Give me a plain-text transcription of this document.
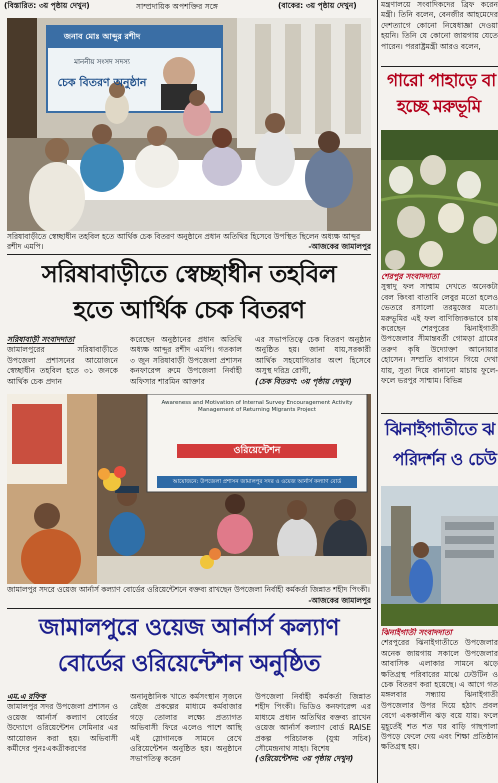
(বিস্তারিত: ৩য় পৃষ্ঠায় দেখুন)	সাম্প্রদায়িক অপশক্তির সঙ্গে	(বাকের: ৩য় পৃষ্ঠায় দেখুন)
জনাব মোঃ আব্দুর রশীদ
মাননীয় সংসদ সদস্য
চেক বিতরণ অনুষ্ঠান
সরিষাবাড়ীতে স্বেচ্ছাধীন তহবিল হতে আর্থিক চেক বিতরণ অনুষ্ঠানে প্রধান অতিথির হিসেবে উপস্থিত ছিলেন অধ্যক্ষ আব্দুর রশীদ এমপি।	-আজকের জামালপুর
সরিষাবাড়ীতে স্বেচ্ছাধীন তহবিল
হতে আর্থিক চেক বিতরণ
সরিষাবাড়ী সংবাদদাতা

জামালপুরের সরিষাবাড়ীতে উপজেলা প্রশাসনের আয়োজনে স্বেচ্ছাধীন তহবিল হতে ৩১ জনকে আর্থিক চেক প্রদান

করেছেন অনুষ্ঠানের প্রধান অতিথি অধ্যক্ষ আব্দুর রশীদ এমপি। গতকাল ৩ জুন সরিষাবাড়ী উপজেলা প্রশাসন কনফারেন্স রুমে উপজেলা নির্বাহী অফিসার শারমিন আক্তার

এর সভাপতিত্বে চেক বিতরণ অনুষ্ঠান অনুষ্ঠিত হয়। জানা যায়,সরকারী আর্থিক সহযোগিতার অংশ হিসেবে অসুস্থ দরিদ্র রোগী,

(চেক বিতরণ: ৩য় পৃষ্ঠায় দেখুন)

Awareness and Motivation of Internal Survey Encouragement Activity Management of Returning Migrants Project
ওরিয়েন্টেশন
আয়োজনে: উপজেলা প্রশাসন জামালপুর সদর ও ওয়েজ আর্নার্স কল্যাণ বোর্ড
জামালপুর সদরে ওয়েজ আর্নার্স কল্যাণ বোর্ডের ওরিয়েন্টেশনে বক্তব্য রাখছেন উপজেলা নির্বাহী কর্মকর্তা জিন্নাত শহীদ পিংকী।
-আজকের জামালপুর
জামালপুরে ওয়েজ আর্নার্স কল্যাণ
বোর্ডের ওরিয়েন্টেশন অনুষ্ঠিত
এম.এ রফিক

জামালপুর সদর উপজেলা প্রশাসন ও ওয়েজ আর্নার্স কল্যাণ বোর্ডের উদ্যোগে ওরিয়েন্টেশন সেমিনার এর আয়োজন করা হয়। অভিবাসী কর্মীদের পুনঃএকত্রীকরণের

অনানুষ্ঠানিক খাতে কর্মসংস্থান সৃজনে রেইজ প্রকল্পের মাধ্যমে কর্মবাজার গড়ে তোলার লক্ষ্যে প্রত্যাগত অভিবাসী ফিরে এলেও পাশে আছি এই স্লোগানকে সামনে রেখে ওরিয়েন্টেশন অনুষ্ঠিত হয়। অনুষ্ঠানে সভাপতিত্ব করেন

উপজেলা নির্বাহী কর্মকর্তা জিন্নাত শহীদ পিংকী। ভিডিও কনফারেন্স এর মাধ্যমে প্রধান অতিথির বক্তব্য রাখেন ওয়েজ আর্নার্স কল্যাণ বোর্ড RAISE প্রকল্প পরিচালক (যুগ্ম সচিব) সৌমেন্দ্রনাথ সাহা। বিশেষ

(ওরিয়েন্টেশন: ৩য় পৃষ্ঠায় দেখুন)

মন্ত্রণালয়ে সংবাদিকদের ব্রিফ করেন মন্ত্রী। তিনি বলেন, বেনজীর আহমেদের দেশত্যাগে কোনো নিষেধাজ্ঞা দেওয়া হয়নি। তিনি যে কোনো জায়গায় যেতে পারেন। পররাষ্ট্রমন্ত্রী আরও বলেন,

গারো পাহাড়ে বা
হচ্ছে মরুভূমি
শেরপুর সংবাদদাতা

সুস্বাদু ফল সাম্মাম দেখতে অনেকটা বেল কিংবা বাতাবি লেবুর মতো হলেও ভেতরে রসালো তরমুজের মতো। মরুভূমির এই ফল বাণিজ্যিকভাবে চাষ করেছেন শেরপুরের ঝিনাইগাতী উপজেলার সীমান্তবর্তী গোমড়া গ্রামের তরুণ কৃষি উদ্যোক্তা আনোয়ার হোসেন। সম্প্রতি বাগানে গিয়ে দেখা যায়, সুতা দিয়ে বানানো মাচায় ফুলে-ফলে ভরপুর সাম্মাম। বিভিন্ন

ঝিনাইগাতীতে ঝ
পরিদর্শন ও চেউ
ঝিনাইগাতী সংবাদদাতা

শেরপুরের ঝিনাইগাতীতে উপজেলার অনেক জায়গায় সকালে উপজেলার আবাসিক এলাকার সামনে ঝড়ে ক্ষতিগ্রস্থ পরিবারের মাঝে ঢেউটিন ও চেক বিতরণ করা হয়েছে। এ আগে গত মঙ্গলবার সন্ধ্যায় ঝিনাইগাতী উপজেলার উপর দিয়ে হঠাৎ প্রবল বেগে এককালীন ঝড় বয়ে যায়। ফলে মুহূর্তেই শত শত ঘর বাড়ি গাছপালা উপড়ে ফেলে দেয় এবং শিক্ষা প্রতিষ্ঠান ক্ষতিগ্রস্থ হয়।
